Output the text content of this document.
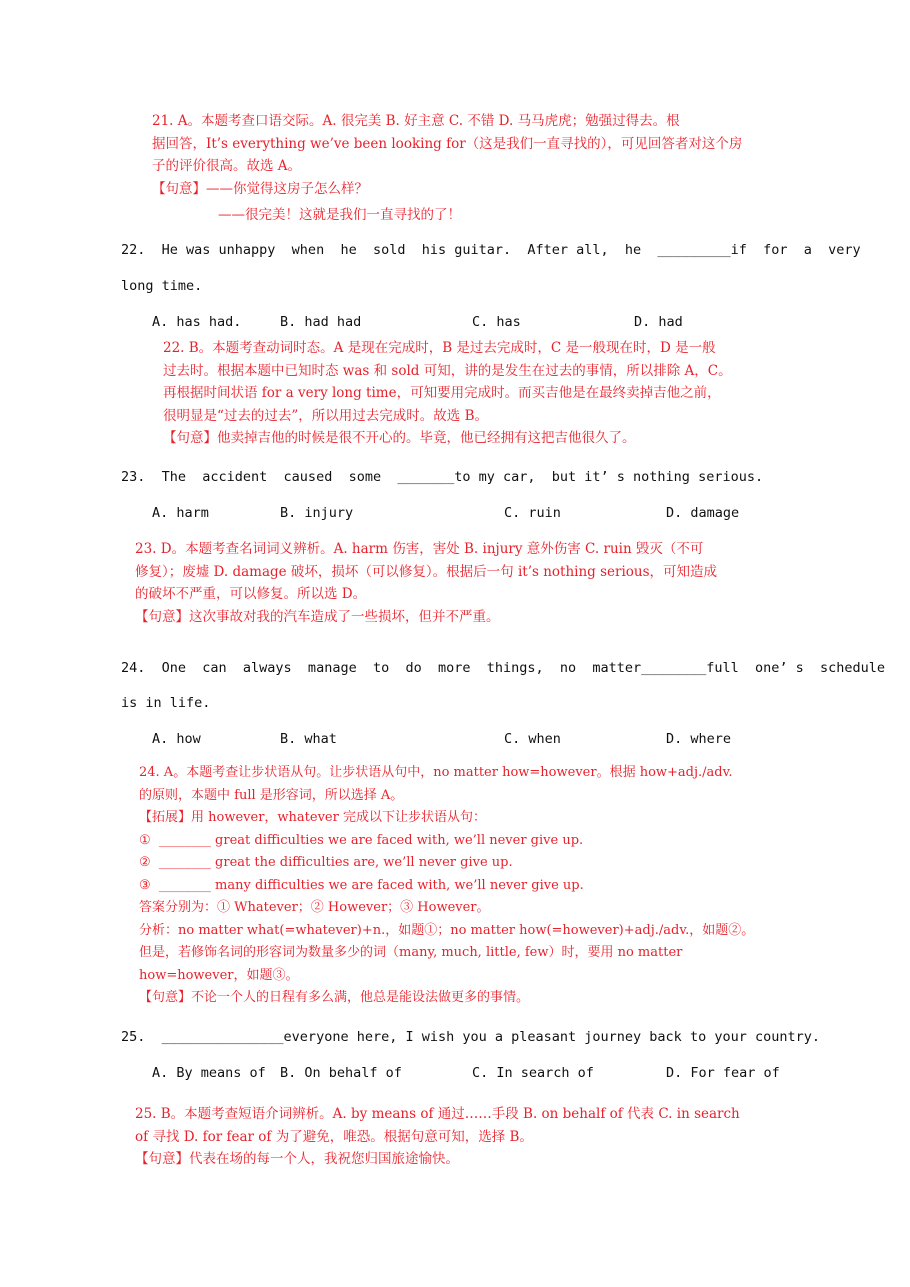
21. A。本题考查口语交际。A. 很完美 B. 好主意 C. 不错 D. 马马虎虎；勉强过得去。根
据回答，It’s everything we’ve been looking for（这是我们一直寻找的），可见回答者对这个房
子的评价很高。故选 A。
【句意】——你觉得这房子怎么样？
——很完美！这就是我们一直寻找的了！
22.  He was unhappy  when  he  sold  his guitar.  After all,  he  _________if  for  a  very
long time.
A. has had.	B. had had	C. has	D. had
22. B。本题考查动词时态。A 是现在完成时，B 是过去完成时，C 是一般现在时，D 是一般
过去时。根据本题中已知时态 was 和 sold 可知，讲的是发生在过去的事情，所以排除 A，C。
再根据时间状语 for a very long time，可知要用完成时。而买吉他是在最终卖掉吉他之前，
很明显是“过去的过去”，所以用过去完成时。故选 B。
【句意】他卖掉吉他的时候是很不开心的。毕竟，他已经拥有这把吉他很久了。
23.  The  accident  caused  some  _______to my car,  but it’ s nothing serious.
A. harm	B. injury	C. ruin	D. damage
23. D。本题考查名词词义辨析。A. harm 伤害，害处 B. injury 意外伤害 C. ruin 毁灭（不可
修复）；废墟 D. damage 破坏，损坏（可以修复）。根据后一句 it’s nothing serious，可知造成
的破坏不严重，可以修复。所以选 D。
【句意】这次事故对我的汽车造成了一些损坏，但并不严重。
24.  One  can  always  manage  to  do  more  things,  no  matter________full  one’ s  schedule
is in life.
A. how	B. what	C. when	D. where
24. A。本题考查让步状语从句。让步状语从句中，no matter how=however。根据 how+adj./adv.
的原则，本题中 full 是形容词，所以选择 A。
【拓展】用 however，whatever 完成以下让步状语从句：
①  ________ great difficulties we are faced with, we’ll never give up.
②  ________ great the difficulties are, we’ll never give up.
③  ________ many difficulties we are faced with, we’ll never give up.
答案分别为：① Whatever；② However；③ However。
分析：no matter what(=whatever)+n.，如题①；no matter how(=however)+adj./adv.，如题②。
但是，若修饰名词的形容词为数量多少的词（many, much, little, few）时，要用 no matter
how=however，如题③。
【句意】不论一个人的日程有多么满，他总是能设法做更多的事情。
25.  _______________everyone here, I wish you a pleasant journey back to your country.
A. By means of B. On behalf of	C. In search of	D. For fear of
25. B。本题考查短语介词辨析。A. by means of 通过……手段 B. on behalf of 代表 C. in search
of 寻找 D. for fear of 为了避免，唯恐。根据句意可知，选择 B。
【句意】代表在场的每一个人，我祝您归国旅途愉快。
